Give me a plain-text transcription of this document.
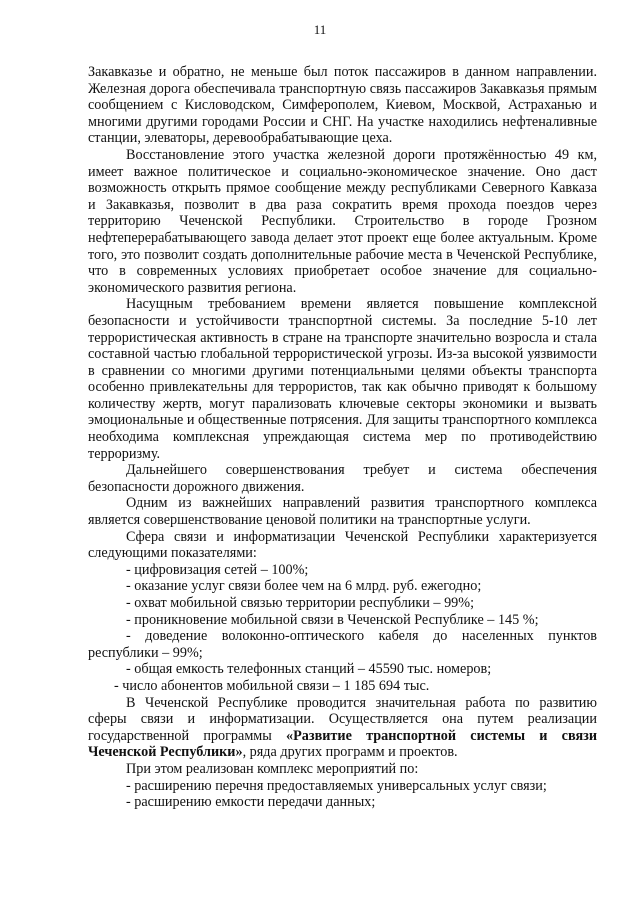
11

Закавказье и обратно, не меньше был поток пассажиров в данном направлении. Железная дорога обеспечивала транспортную связь пассажиров Закавказья прямым сообщением с Кисловодском, Симферополем, Киевом, Москвой, Астраханью и многими другими городами России и СНГ. На участке находились нефтеналивные станции, элеваторы, деревообрабатывающие цеха.

Восстановление этого участка железной дороги протяжённостью 49 км, имеет важное политическое и социально-экономическое значение. Оно даст возможность открыть прямое сообщение между республиками Северного Кавказа и Закавказья, позволит в два раза сократить время прохода поездов через территорию Чеченской Республики. Строительство в городе Грозном нефтеперерабатывающего завода делает этот проект еще более актуальным. Кроме того, это позволит создать дополнительные рабочие места в Чеченской Республике, что в современных условиях приобретает особое значение для социально-экономического развития региона.

Насущным требованием времени является повышение комплексной безопасности и устойчивости транспортной системы. За последние 5-10 лет террористическая активность в стране на транспорте значительно возросла и стала составной частью глобальной террористической угрозы. Из-за высокой уязвимости в сравнении со многими другими потенциальными целями объекты транспорта особенно привлекательны для террористов, так как обычно приводят к большому количеству жертв, могут парализовать ключевые секторы экономики и вызвать эмоциональные и общественные потрясения. Для защиты транспортного комплекса необходима комплексная упреждающая система мер по противодействию терроризму.

Дальнейшего совершенствования требует и система обеспечения безопасности дорожного движения.

Одним из важнейших направлений развития транспортного комплекса является совершенствование ценовой политики на транспортные услуги.

Сфера связи и информатизации Чеченской Республики характеризуется следующими показателями:

- цифровизация сетей – 100%;
- оказание услуг связи более чем на 6 млрд. руб. ежегодно;
- охват мобильной связью территории республики – 99%;
- проникновение мобильной связи в Чеченской Республике – 145 %;
- доведение волоконно-оптического кабеля до населенных пунктов республики – 99%;
- общая емкость телефонных станций – 45590 тыс. номеров;
- число абонентов мобильной связи – 1 185 694 тыс.

В Чеченской Республике проводится значительная работа по развитию сферы связи и информатизации. Осуществляется она путем реализации государственной программы «Развитие транспортной системы и связи Чеченской Республики», ряда других программ и проектов.

При этом реализован комплекс мероприятий по:

- расширению перечня предоставляемых универсальных услуг связи;
- расширению емкости передачи данных;
